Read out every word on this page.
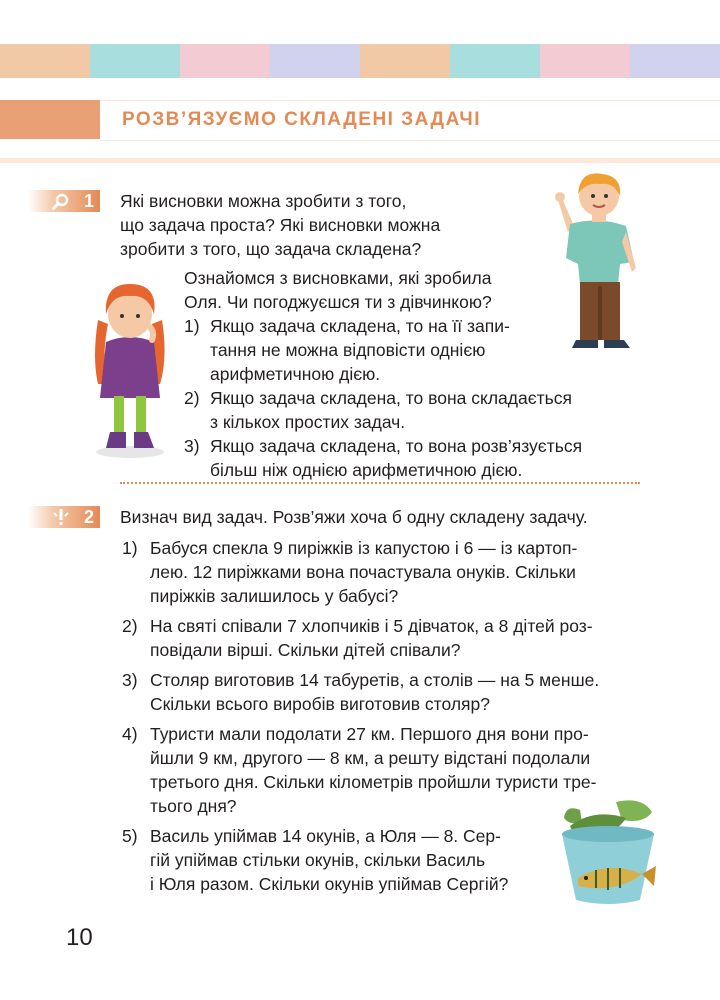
РОЗВ’ЯЗУЄМО СКЛАДЕНІ ЗАДАЧІ
1 Які висновки можна зробити з того,
що задача проста? Які висновки можна
зробити з того, що задача складена?
Ознайомся з висновками, які зробила
Оля. Чи погоджуєшся ти з дівчинкою?
1) Якщо задача складена, то на її запи-
тання не можна відповісти однією
арифметичною дією.
2) Якщо задача складена, то вона складається
з кількох простих задач.
3) Якщо задача складена, то вона розв’язується
більш ніж однією арифметичною дією.
2 Визнач вид задач. Розв’яжи хоча б одну складену задачу.
1) Бабуся спекла 9 пиріжків із капустою і 6 — із картоп-
лею. 12 пиріжками вона почастувала онуків. Скільки
пиріжків залишилось у бабусі?
2) На святі співали 7 хлопчиків і 5 дівчаток, а 8 дітей роз-
повідали вірші. Скільки дітей співали?
3) Столяр виготовив 14 табуретів, а столів — на 5 менше.
Скільки всього виробів виготовив столяр?
4) Туристи мали подолати 27 км. Першого дня вони про-
йшли 9 км, другого — 8 км, а решту відстані подолали
третього дня. Скільки кілометрів пройшли туристи тре-
тього дня?
5) Василь упіймав 14 окунів, а Юля — 8. Сер-
гій упіймав стільки окунів, скільки Василь
і Юля разом. Скільки окунів упіймав Сергій?
10
